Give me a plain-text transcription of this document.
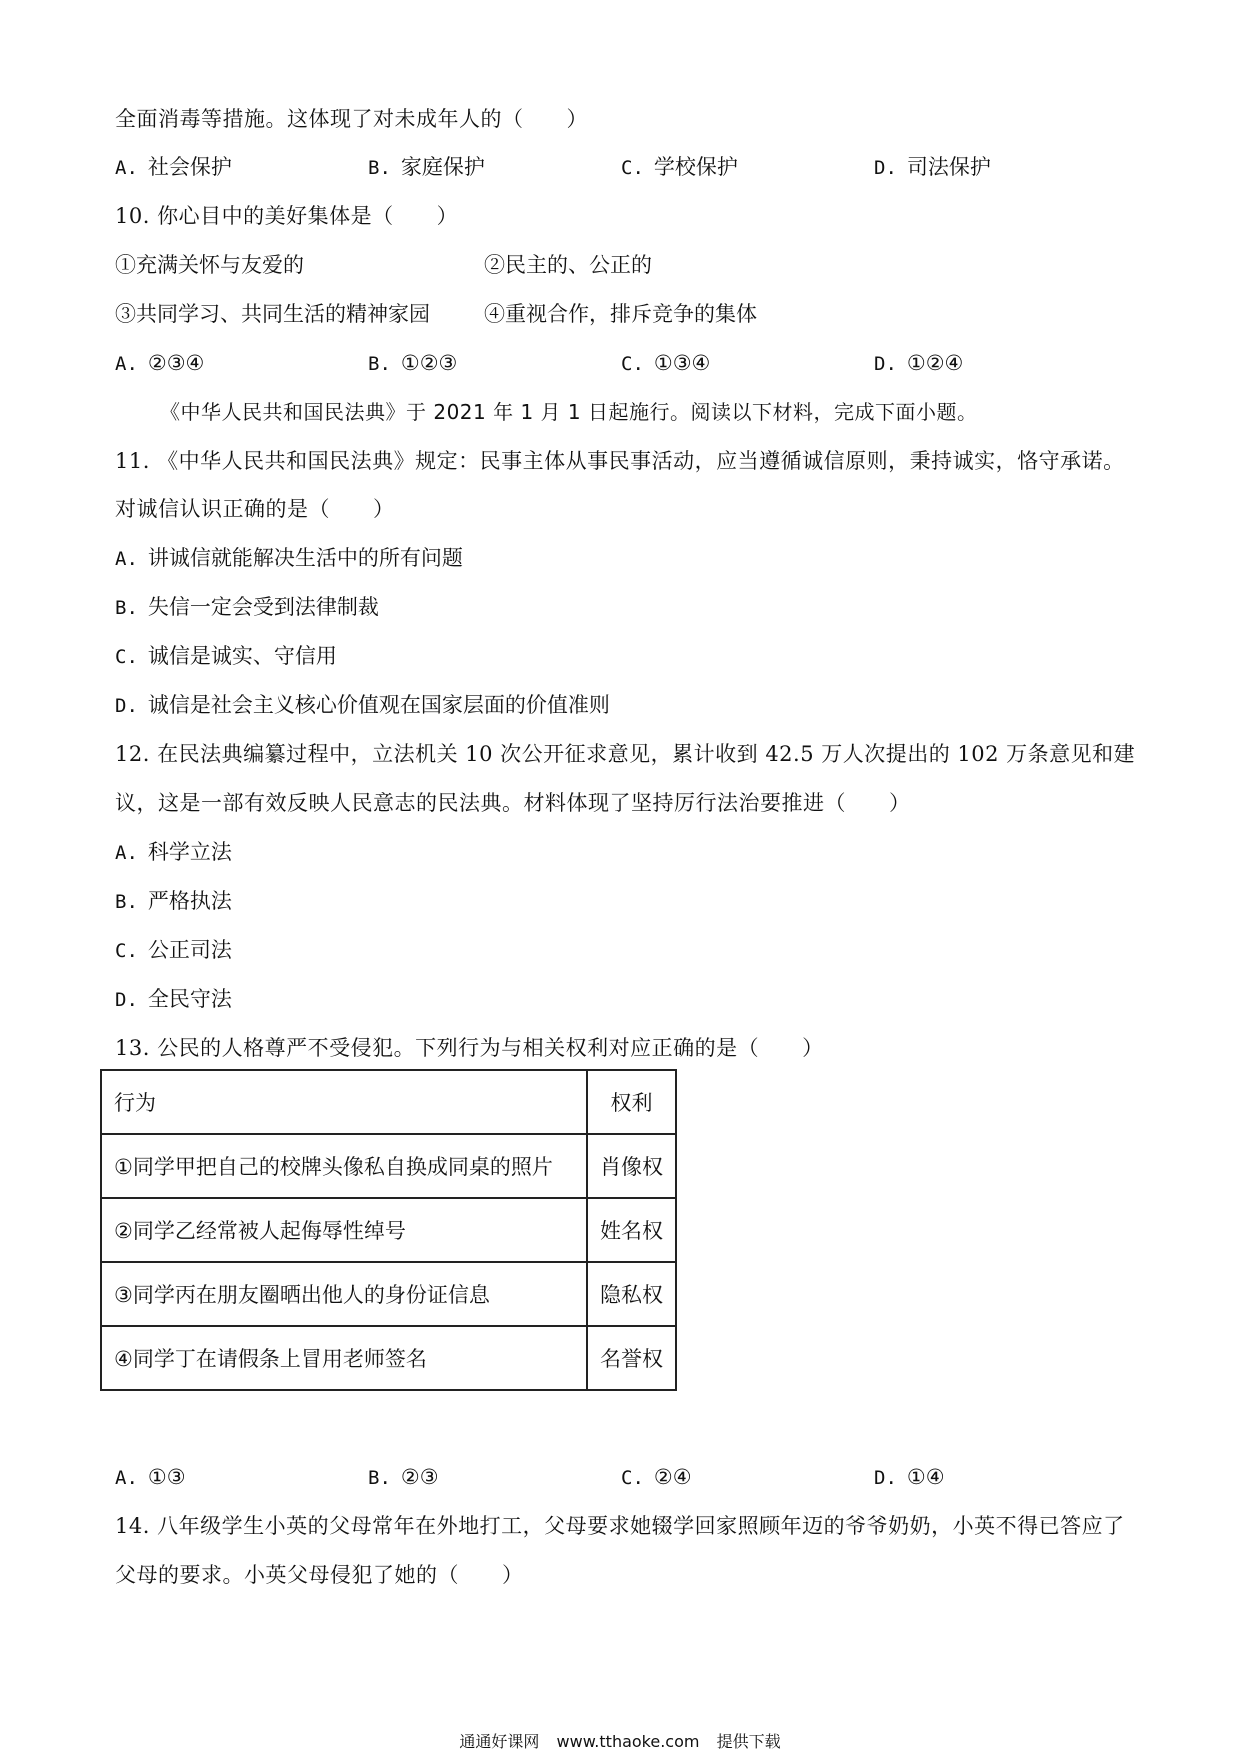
全面消毒等措施。这体现了对未成年人的（　　）
A. 社会保护	B. 家庭保护	C. 学校保护	D. 司法保护
10. 你心目中的美好集体是（　　）
①充满关怀与友爱的	②民主的、公正的
③共同学习、共同生活的精神家园	④重视合作，排斥竞争的集体
A. ②③④	B. ①②③	C. ①③④	D. ①②④
《中华人民共和国民法典》于 2021 年 1 月 1 日起施行。阅读以下材料，完成下面小题。
11. 《中华人民共和国民法典》规定：民事主体从事民事活动，应当遵循诚信原则，秉持诚实，恪守承诺。
对诚信认识正确的是（　　）
A. 讲诚信就能解决生活中的所有问题
B. 失信一定会受到法律制裁
C. 诚信是诚实、守信用
D. 诚信是社会主义核心价值观在国家层面的价值准则
12. 在民法典编纂过程中，立法机关 10 次公开征求意见，累计收到 42.5 万人次提出的 102 万条意见和建
议，这是一部有效反映人民意志的民法典。材料体现了坚持厉行法治要推进（　　）
A. 科学立法
B. 严格执法
C. 公正司法
D. 全民守法
13. 公民的人格尊严不受侵犯。下列行为与相关权利对应正确的是（　　）
行为	权利
①同学甲把自己的校牌头像私自换成同桌的照片	肖像权
②同学乙经常被人起侮辱性绰号	姓名权
③同学丙在朋友圈晒出他人的身份证信息	隐私权
④同学丁在请假条上冒用老师签名	名誉权
A. ①③	B. ②③	C. ②④	D. ①④
14. 八年级学生小英的父母常年在外地打工，父母要求她辍学回家照顾年迈的爷爷奶奶，小英不得已答应了
父母的要求。小英父母侵犯了她的（　　）
通通好课网 www.tthaoke.com 提供下载
